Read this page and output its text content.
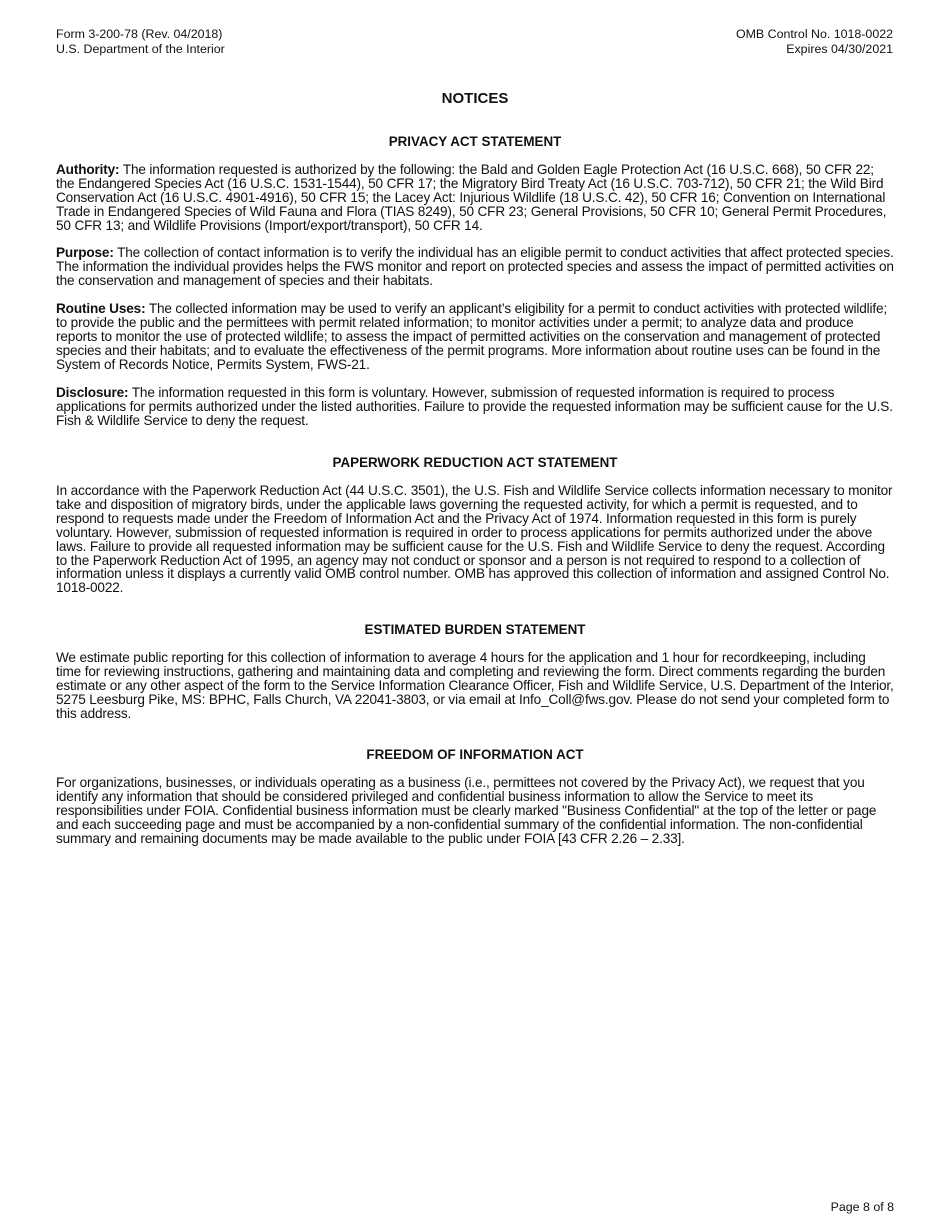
Form 3-200-78 (Rev. 04/2018)
U.S. Department of the Interior
OMB Control No. 1018-0022
Expires 04/30/2021
NOTICES
PRIVACY ACT STATEMENT

Authority: The information requested is authorized by the following: the Bald and Golden Eagle Protection Act (16 U.S.C. 668), 50 CFR 22; the Endangered Species Act (16 U.S.C. 1531-1544), 50 CFR 17; the Migratory Bird Treaty Act (16 U.S.C. 703-712), 50 CFR 21; the Wild Bird Conservation Act (16 U.S.C. 4901-4916), 50 CFR 15; the Lacey Act: Injurious Wildlife (18 U.S.C. 42), 50 CFR 16; Convention on International Trade in Endangered Species of Wild Fauna and Flora (TIAS 8249), 50 CFR 23; General Provisions, 50 CFR 10; General Permit Procedures, 50 CFR 13; and Wildlife Provisions (Import/export/transport), 50 CFR 14.

Purpose: The collection of contact information is to verify the individual has an eligible permit to conduct activities that affect protected species. The information the individual provides helps the FWS monitor and report on protected species and assess the impact of permitted activities on the conservation and management of species and their habitats.

Routine Uses: The collected information may be used to verify an applicant’s eligibility for a permit to conduct activities with protected wildlife; to provide the public and the permittees with permit related information; to monitor activities under a permit; to analyze data and produce reports to monitor the use of protected wildlife; to assess the impact of permitted activities on the conservation and management of protected species and their habitats; and to evaluate the effectiveness of the permit programs. More information about routine uses can be found in the System of Records Notice, Permits System, FWS-21.

Disclosure: The information requested in this form is voluntary. However, submission of requested information is required to process applications for permits authorized under the listed authorities. Failure to provide the requested information may be sufficient cause for the U.S. Fish & Wildlife Service to deny the request.

PAPERWORK REDUCTION ACT STATEMENT

In accordance with the Paperwork Reduction Act (44 U.S.C. 3501), the U.S. Fish and Wildlife Service collects information necessary to monitor take and disposition of migratory birds, under the applicable laws governing the requested activity, for which a permit is requested, and to respond to requests made under the Freedom of Information Act and the Privacy Act of 1974. Information requested in this form is purely voluntary. However, submission of requested information is required in order to process applications for permits authorized under the above laws. Failure to provide all requested information may be sufficient cause for the U.S. Fish and Wildlife Service to deny the request. According to the Paperwork Reduction Act of 1995, an agency may not conduct or sponsor and a person is not required to respond to a collection of information unless it displays a currently valid OMB control number. OMB has approved this collection of information and assigned Control No. 1018-0022.

ESTIMATED BURDEN STATEMENT

We estimate public reporting for this collection of information to average 4 hours for the application and 1 hour for recordkeeping, including time for reviewing instructions, gathering and maintaining data and completing and reviewing the form. Direct comments regarding the burden estimate or any other aspect of the form to the Service Information Clearance Officer, Fish and Wildlife Service, U.S. Department of the Interior, 5275 Leesburg Pike, MS: BPHC, Falls Church, VA 22041-3803, or via email at Info_Coll@fws.gov. Please do not send your completed form to this address.

FREEDOM OF INFORMATION ACT

For organizations, businesses, or individuals operating as a business (i.e., permittees not covered by the Privacy Act), we request that you identify any information that should be considered privileged and confidential business information to allow the Service to meet its responsibilities under FOIA. Confidential business information must be clearly marked "Business Confidential" at the top of the letter or page and each succeeding page and must be accompanied by a non-confidential summary of the confidential information. The non-confidential summary and remaining documents may be made available to the public under FOIA [43 CFR 2.26 – 2.33].

Page 8 of 8
